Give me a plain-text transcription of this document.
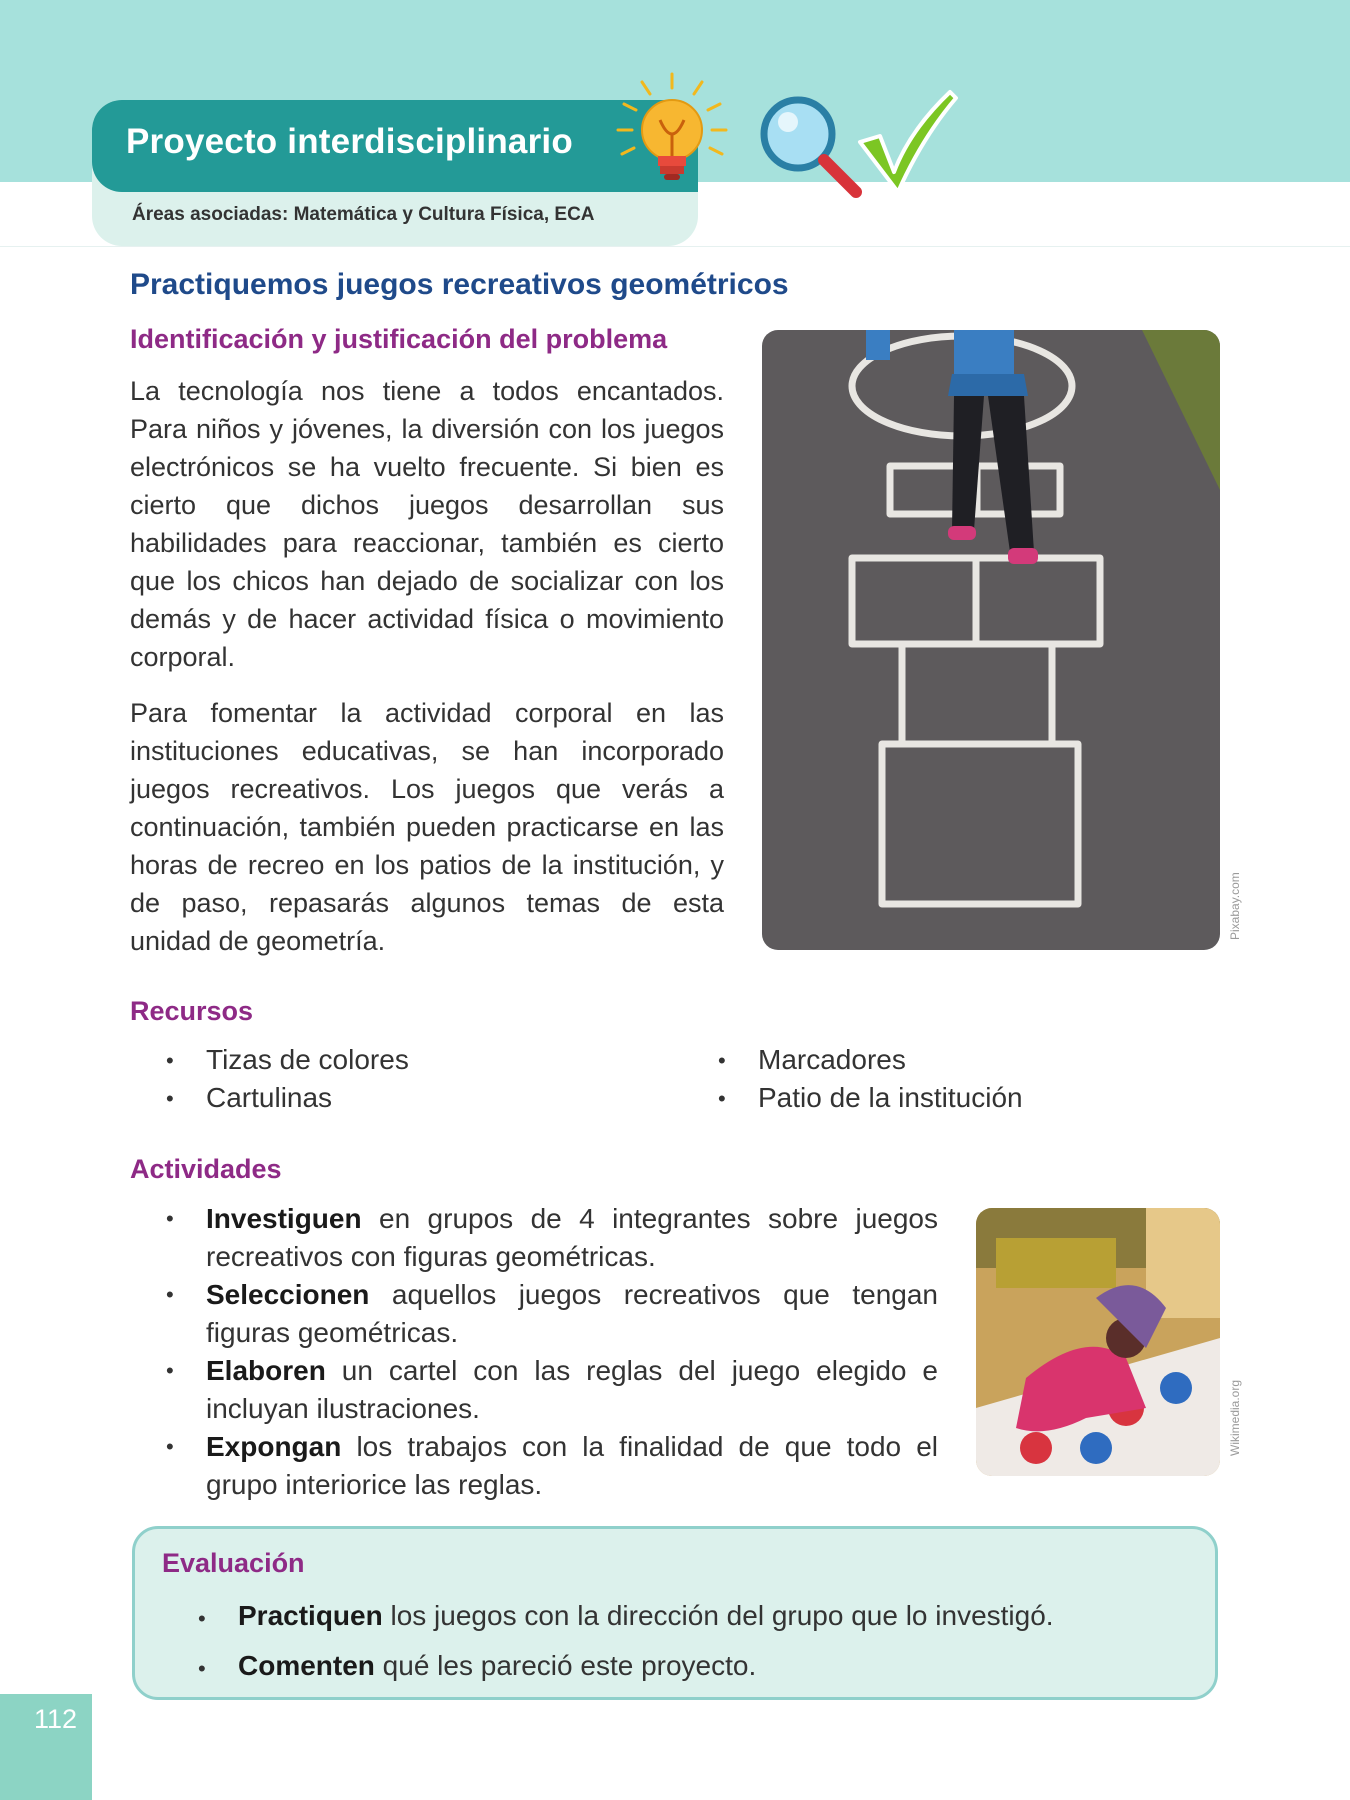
Proyecto interdisciplinario
Áreas asociadas: Matemática y Cultura Física, ECA
Practiquemos juegos recreativos geométricos
Identificación y justificación del problema

La tecnología nos tiene a todos encantados. Para niños y jóvenes, la diversión con los juegos electrónicos se ha vuelto frecuente. Si bien es cierto que dichos juegos desarrollan sus habilidades para reaccionar, también es cierto que los chicos han dejado de socializar con los demás y de hacer actividad física o movimiento corporal.

Para fomentar la actividad corporal en las instituciones educativas, se han incorporado juegos recreativos. Los juegos que verás a continuación, también pueden practicarse en las horas de recreo en los patios de la institución, y de paso, repasarás algunos temas de esta unidad de geometría.

Pixabay.com
Recursos
• Tizas de colores
• Cartulinas
• Marcadores
• Patio de la institución
Actividades
• Investiguen en grupos de 4 integrantes sobre juegos recreativos con figuras geométricas.
• Seleccionen aquellos juegos recreativos que tengan figuras geométricas.
• Elaboren un cartel con las reglas del juego elegido e incluyan ilustraciones.
• Expongan los trabajos con la finalidad de que todo el grupo interiorice las reglas.
Wikimedia.org
Evaluación
• Practiquen los juegos con la dirección del grupo que lo investigó.
• Comenten qué les pareció este proyecto.
112
